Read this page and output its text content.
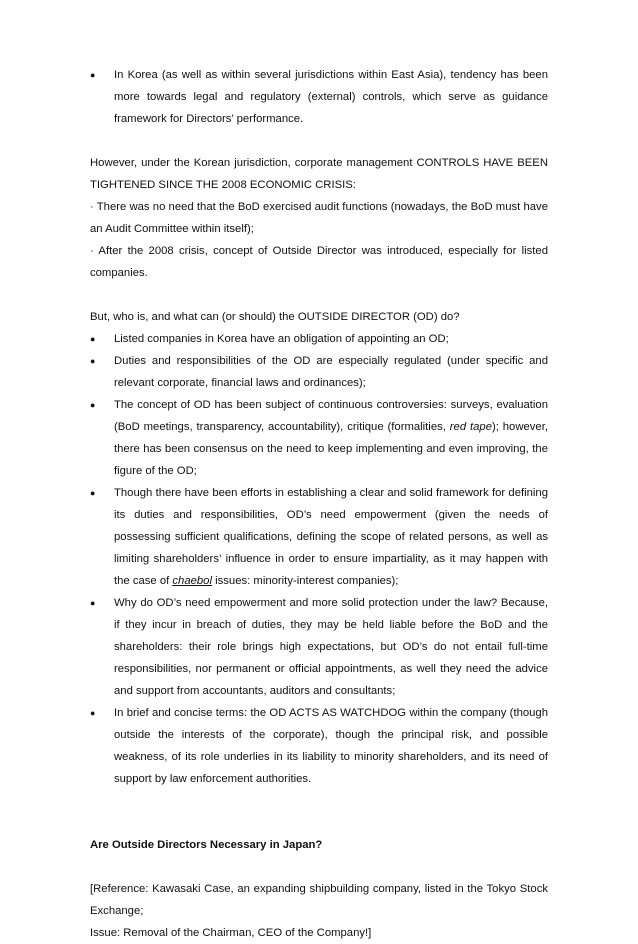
● In Korea (as well as within several jurisdictions within East Asia), tendency has been more towards legal and regulatory (external) controls, which serve as guidance framework for Directors’ performance.

However, under the Korean jurisdiction, corporate management CONTROLS HAVE BEEN TIGHTENED SINCE THE 2008 ECONOMIC CRISIS:
· There was no need that the BoD exercised audit functions (nowadays, the BoD must have an Audit Committee within itself);
· After the 2008 crisis, concept of Outside Director was introduced, especially for listed companies.

But, who is, and what can (or should) the OUTSIDE DIRECTOR (OD) do?

● Listed companies in Korea have an obligation of appointing an OD;
● Duties and responsibilities of the OD are especially regulated (under specific and relevant corporate, financial laws and ordinances);
● The concept of OD has been subject of continuous controversies: surveys, evaluation (BoD meetings, transparency, accountability), critique (formalities, red tape); however, there has been consensus on the need to keep implementing and even improving, the figure of the OD;
● Though there have been efforts in establishing a clear and solid framework for defining its duties and responsibilities, OD’s need empowerment (given the needs of possessing sufficient qualifications, defining the scope of related persons, as well as limiting shareholders’ influence in order to ensure impartiality, as it may happen with the case of chaebol issues: minority-interest companies);
● Why do OD’s need empowerment and more solid protection under the law? Because, if they incur in breach of duties, they may be held liable before the BoD and the shareholders: their role brings high expectations, but OD’s do not entail full-time responsibilities, nor permanent or official appointments, as well they need the advice and support from accountants, auditors and consultants;
● In brief and concise terms: the OD ACTS AS WATCHDOG within the company (though outside the interests of the corporate), though the principal risk, and possible weakness, of its role underlies in its liability to minority shareholders, and its need of support by law enforcement authorities.

Are Outside Directors Necessary in Japan?

[Reference: Kawasaki Case, an expanding shipbuilding company, listed in the Tokyo Stock Exchange;
Issue: Removal of the Chairman, CEO of the Company!]
